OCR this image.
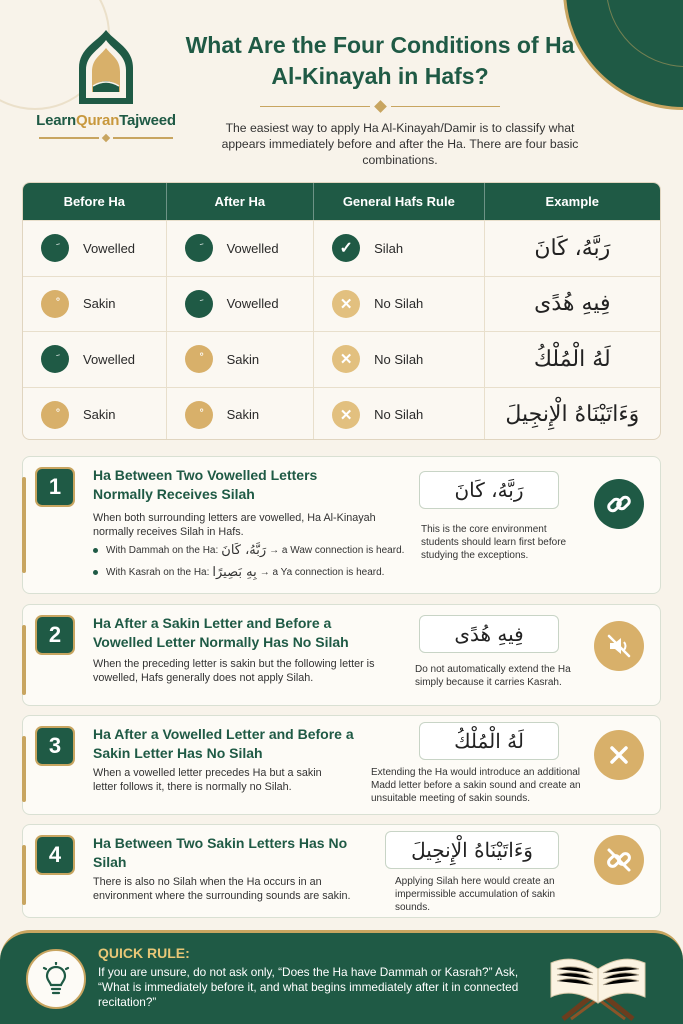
LearnQuranTajweed
What Are the Four Conditions of Ha Al-Kinayah in Hafs?
The easiest way to apply Ha Al-Kinayah/Damir is to classify what appears immediately before and after the Ha. There are four basic combinations.
Before Ha	After Ha	General Hafs Rule	Example
Vowelled	Vowelled	✓	Silah	رَبَّهُ، كَانَ
Sakin	Vowelled	✕	No Silah	فِيهِ هُدًى
Vowelled	Sakin	✕	No Silah	لَهُ الْمُلْكُ
Sakin	Sakin	✕	No Silah	وَءَاتَيْنَاهُ الْإِنجِيلَ
1	Ha Between Two Vowelled Letters Normally Receives Silah
When both surrounding letters are vowelled, Ha Al-Kinayah normally receives Silah in Hafs.
With Dammah on the Ha: رَبَّهُ، كَانَ → a Waw connection is heard.
With Kasrah on the Ha: بِهِ بَصِيرًا → a Ya connection is heard.
رَبَّهُ، كَانَ
This is the core environment students should learn first before studying the exceptions.
2	Ha After a Sakin Letter and Before a Vowelled Letter Normally Has No Silah
When the preceding letter is sakin but the following letter is vowelled, Hafs generally does not apply Silah.
فِيهِ هُدًى
Do not automatically extend the Ha simply because it carries Kasrah.
3	Ha After a Vowelled Letter and Before a Sakin Letter Has No Silah
When a vowelled letter precedes Ha but a sakin letter follows it, there is normally no Silah.
لَهُ الْمُلْكُ
Extending the Ha would introduce an additional Madd letter before a sakin sound and create an unsuitable meeting of sakin sounds.
4	Ha Between Two Sakin Letters Has No Silah
There is also no Silah when the Ha occurs in an environment where the surrounding sounds are sakin.
وَءَاتَيْنَاهُ الْإِنجِيلَ
Applying Silah here would create an impermissible accumulation of sakin sounds.
QUICK RULE:
If you are unsure, do not ask only, “Does the Ha have Dammah or Kasrah?” Ask, “What is immediately before it, and what begins immediately after it in connected recitation?”
